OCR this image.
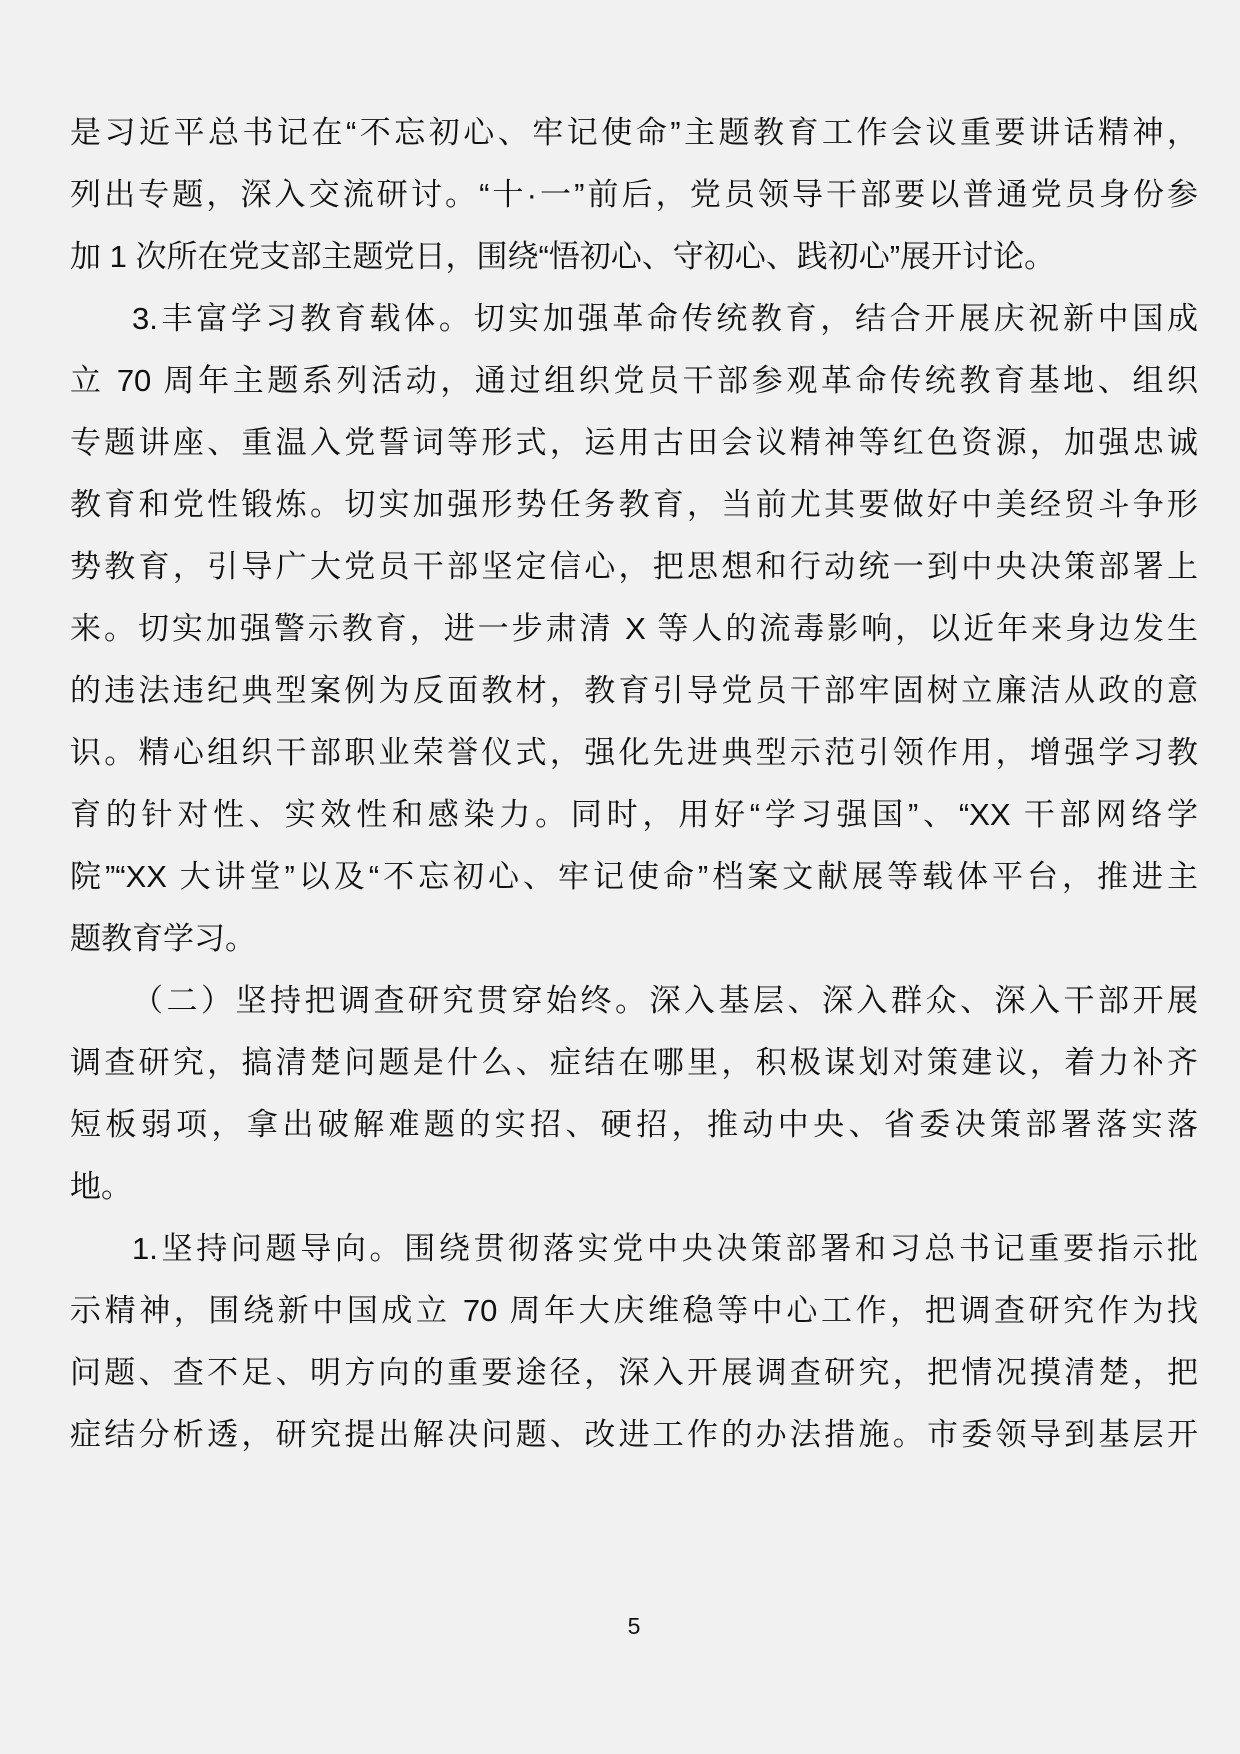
是习近平总书记在“不忘初心、牢记使命”主题教育工作会议重要讲话精神，
列出专题，深入交流研讨。“十·一”前后，党员领导干部要以普通党员身份参
加 1 次所在党支部主题党日，围绕“悟初心、守初心、践初心”展开讨论。
3.丰富学习教育载体。切实加强革命传统教育，结合开展庆祝新中国成
立 70 周年主题系列活动，通过组织党员干部参观革命传统教育基地、组织
专题讲座、重温入党誓词等形式，运用古田会议精神等红色资源，加强忠诚
教育和党性锻炼。切实加强形势任务教育，当前尤其要做好中美经贸斗争形
势教育，引导广大党员干部坚定信心，把思想和行动统一到中央决策部署上
来。切实加强警示教育，进一步肃清 X 等人的流毒影响，以近年来身边发生
的违法违纪典型案例为反面教材，教育引导党员干部牢固树立廉洁从政的意
识。精心组织干部职业荣誉仪式，强化先进典型示范引领作用，增强学习教
育的针对性、实效性和感染力。同时，用好“学习强国”、“XX 干部网络学
院”“XX 大讲堂”以及“不忘初心、牢记使命”档案文献展等载体平台，推进主
题教育学习。
（二）坚持把调查研究贯穿始终。深入基层、深入群众、深入干部开展
调查研究，搞清楚问题是什么、症结在哪里，积极谋划对策建议，着力补齐
短板弱项，拿出破解难题的实招、硬招，推动中央、省委决策部署落实落
地。
1.坚持问题导向。围绕贯彻落实党中央决策部署和习总书记重要指示批
示精神，围绕新中国成立 70 周年大庆维稳等中心工作，把调查研究作为找
问题、查不足、明方向的重要途径，深入开展调查研究，把情况摸清楚，把
症结分析透，研究提出解决问题、改进工作的办法措施。市委领导到基层开
5
